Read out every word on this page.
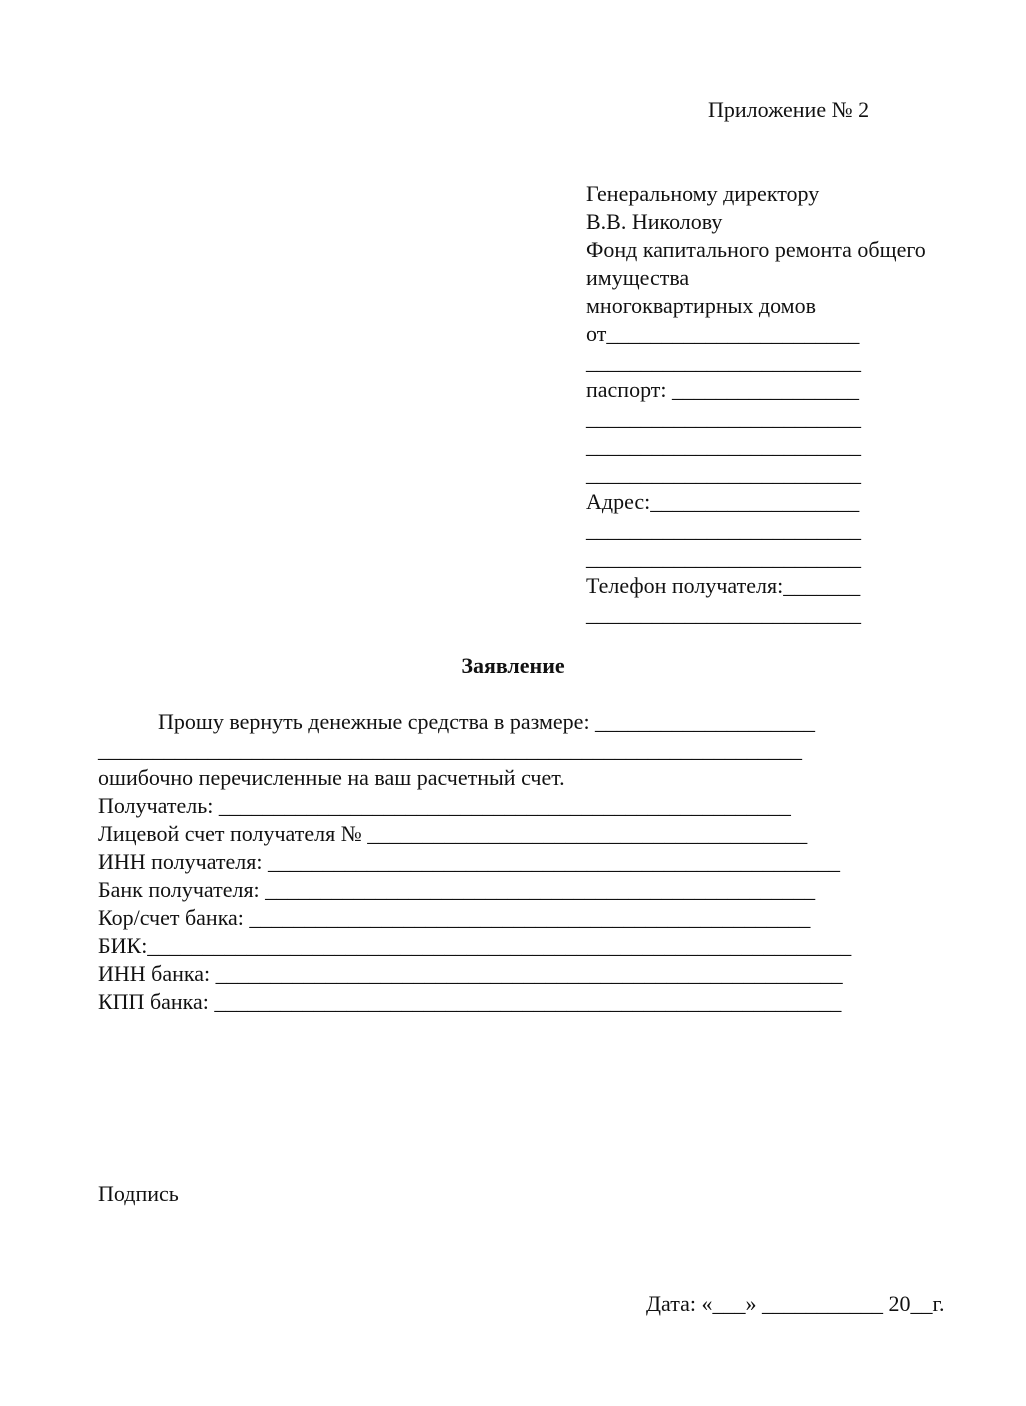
Приложение № 2
Генеральному директору
В.В. Николову
Фонд капитального ремонта общего
имущества
многоквартирных домов
от_______________________
_________________________
паспорт: _________________
_________________________
_________________________
_________________________
Адрес:___________________
_________________________
_________________________
Телефон получателя:_______
_________________________
Заявление
Прошу вернуть денежные средства в размере: ____________________
________________________________________________________________
ошибочно перечисленные на ваш расчетный счет.
Получатель: ____________________________________________________
Лицевой счет получателя № ________________________________________
ИНН получателя: ____________________________________________________
Банк получателя: __________________________________________________
Кор/счет банка: ___________________________________________________
БИК:________________________________________________________________
ИНН банка: _________________________________________________________
КПП банка: _________________________________________________________
Подпись
Дата: «___» ___________ 20__г.
